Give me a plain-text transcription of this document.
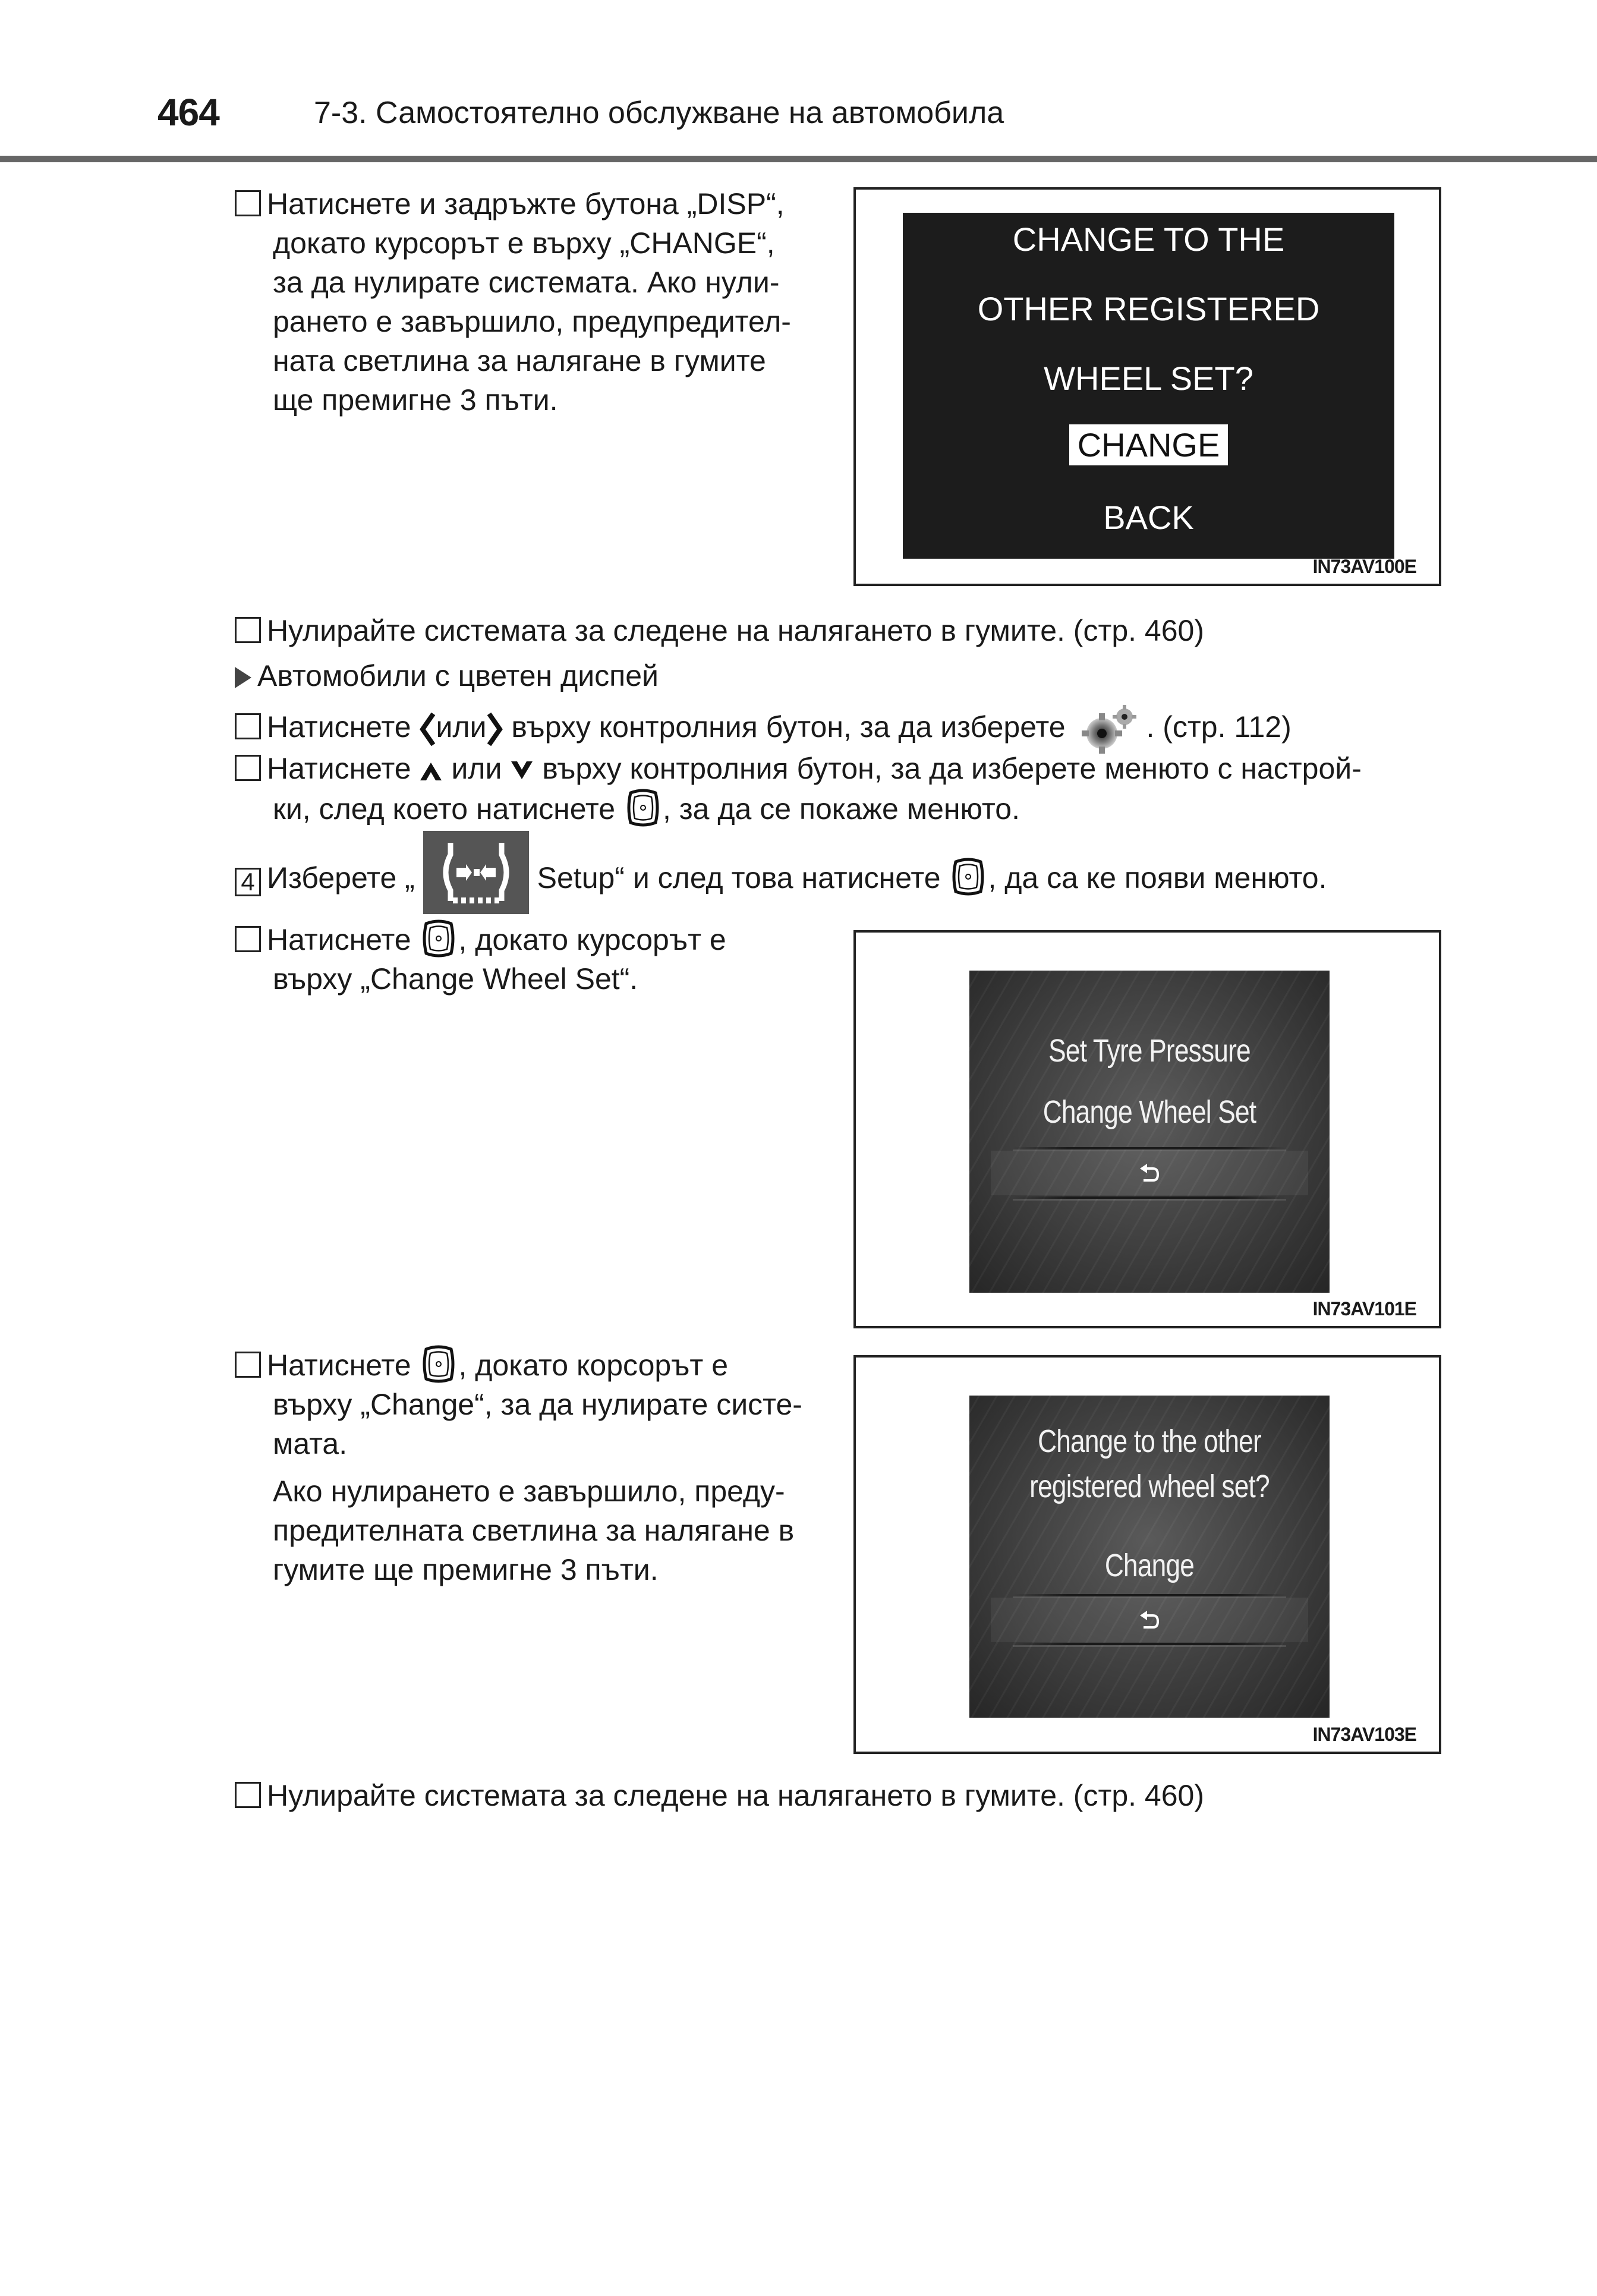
464	7-3. Самостоятелно обслужване на автомобила
Натиснете и задръжте бутона „DISP“,
докато курсорът е върху „CHANGE“,
за да нулирате системата. Ако нули-
рането е завършило, предупредител-
ната светлина за налягане в гумите
ще премигне 3 пъти.
CHANGE TO THE
OTHER REGISTERED
WHEEL SET?
CHANGE
BACK
IN73AV100E
Нулирайте системата за следене на налягането в гумите. (стр. 460)
Автомобили с цветен диспей
Натиснете или върху контролния бутон, за да изберете	. (стр. 112)
Натиснете или върху контролния бутон, за да изберете менюто с настрой-
ки, след което натиснете , за да се покаже менюто.
4 Изберете „	Setup“ и след това натиснете , да са ке появи менюто.
Натиснете , докато курсорът е
върху „Change Wheel Set“.
Set Tyre Pressure
Change Wheel Set
IN73AV101E
Натиснете , докато корсорът е
върху „Change“, за да нулирате систе-
мата.
Ако нулирането е завършило, преду-
предителната светлина за налягане в
гумите ще премигне 3 пъти.
Change to the other
registered wheel set?
Change
IN73AV103E
Нулирайте системата за следене на налягането в гумите. (стр. 460)
